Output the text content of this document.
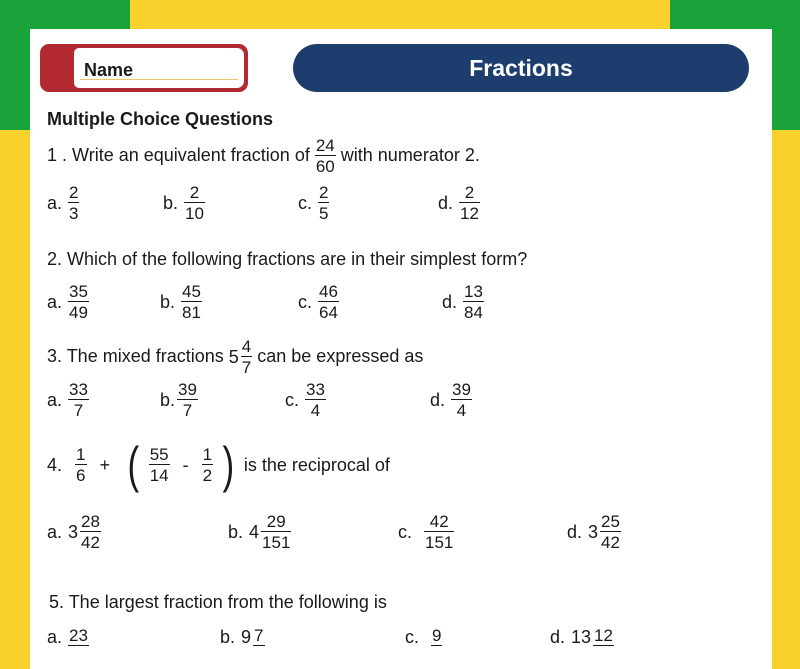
Name	Fractions
Multiple Choice Questions
1 . Write an equivalent fraction of $\frac{24}{60}$ with numerator 2.
a. $\frac{2}{3}$	b. $\frac{2}{10}$	c. $\frac{2}{5}$	d. $\frac{2}{12}$
2. Which of the following fractions are in their simplest form?
a. $\frac{35}{49}$	b. $\frac{45}{81}$	c. $\frac{46}{64}$	d. $\frac{13}{84}$
3. The mixed fractions $5 \frac{4}{7}$ can be expressed as
a. $\frac{33}{7}$	b. $\frac{39}{7}$	c. $\frac{33}{4}$	d. $\frac{39}{4}$
4. $\frac{1}{6}$ + ( $\frac{55}{14} - \frac{1}{2}$ ) is the reciprocal of
a. $3 \frac{28}{42}$	b. $4 \frac{29}{151}$	c. $\frac{42}{151}$	d. $3 \frac{25}{42}$
5. The largest fraction from the following is
a. 23	b. 9 7	c. 9	d. 13 12
